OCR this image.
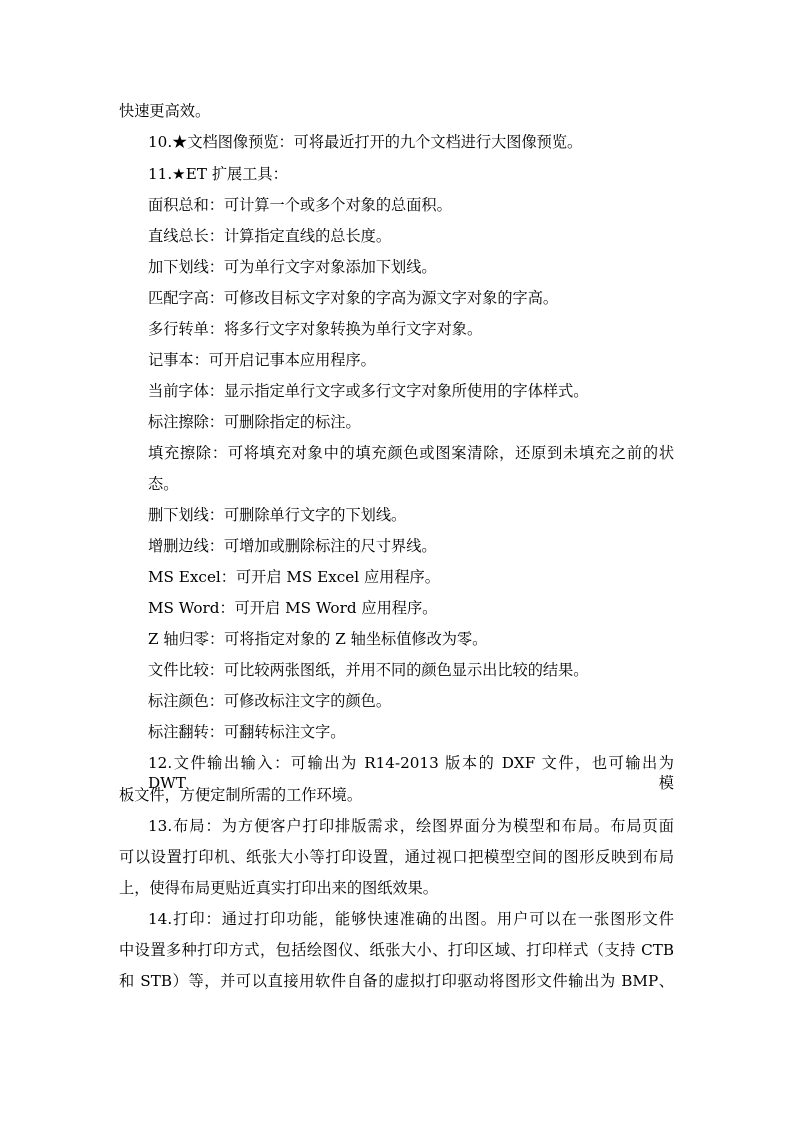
快速更高效。
10.★文档图像预览：可将最近打开的九个文档进行大图像预览。
11.★ET 扩展工具：
面积总和：可计算一个或多个对象的总面积。
直线总长：计算指定直线的总长度。
加下划线：可为单行文字对象添加下划线。
匹配字高：可修改目标文字对象的字高为源文字对象的字高。
多行转单：将多行文字对象转换为单行文字对象。
记事本：可开启记事本应用程序。
当前字体：显示指定单行文字或多行文字对象所使用的字体样式。
标注擦除：可删除指定的标注。
填充擦除：可将填充对象中的填充颜色或图案清除，还原到未填充之前的状
态。
删下划线：可删除单行文字的下划线。
增删边线：可增加或删除标注的尺寸界线。
MS Excel：可开启 MS Excel 应用程序。
MS Word：可开启 MS Word 应用程序。
Z 轴归零：可将指定对象的 Z 轴坐标值修改为零。
文件比较：可比较两张图纸，并用不同的颜色显示出比较的结果。
标注颜色：可修改标注文字的颜色。
标注翻转：可翻转标注文字。
12.文件输出输入：可输出为 R14-2013 版本的 DXF 文件，也可输出为 DWT 模
板文件，方便定制所需的工作环境。
13.布局：为方便客户打印排版需求，绘图界面分为模型和布局。布局页面
可以设置打印机、纸张大小等打印设置，通过视口把模型空间的图形反映到布局
上，使得布局更贴近真实打印出来的图纸效果。
14.打印：通过打印功能，能够快速准确的出图。用户可以在一张图形文件
中设置多种打印方式，包括绘图仪、纸张大小、打印区域、打印样式（支持 CTB
和 STB）等，并可以直接用软件自备的虚拟打印驱动将图形文件输出为 BMP、
